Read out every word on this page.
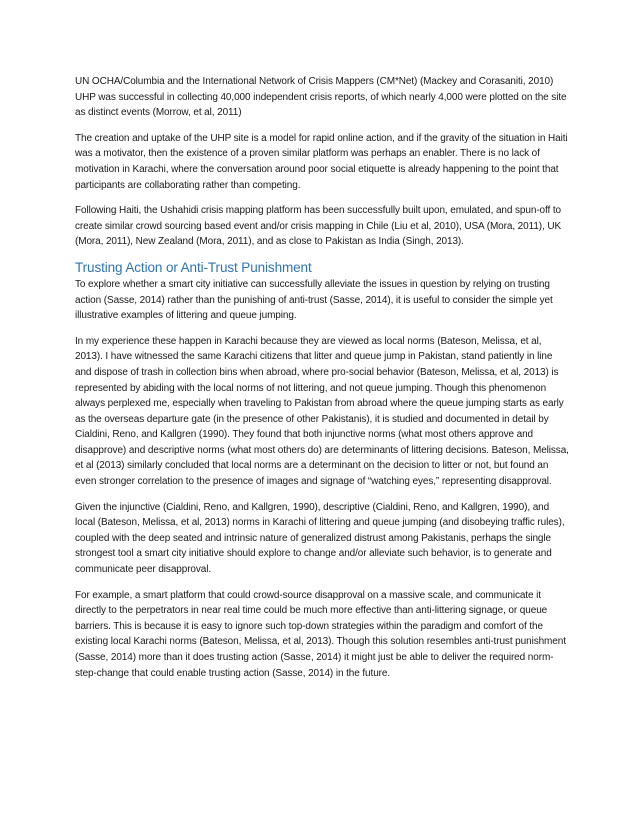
UN OCHA/Columbia and the International Network of Crisis Mappers (CM*Net) (Mackey and Corasaniti, 2010) UHP was successful in collecting 40,000 independent crisis reports, of which nearly 4,000 were plotted on the site as distinct events (Morrow, et al, 2011)

The creation and uptake of the UHP site is a model for rapid online action, and if the gravity of the situation in Haiti was a motivator, then the existence of a proven similar platform was perhaps an enabler. There is no lack of motivation in Karachi, where the conversation around poor social etiquette is already happening to the point that participants are collaborating rather than competing.

Following Haiti, the Ushahidi crisis mapping platform has been successfully built upon, emulated, and spun-off to create similar crowd sourcing based event and/or crisis mapping in Chile (Liu et al, 2010), USA (Mora, 2011), UK (Mora, 2011), New Zealand (Mora, 2011), and as close to Pakistan as India (Singh, 2013).

Trusting Action or Anti-Trust Punishment

To explore whether a smart city initiative can successfully alleviate the issues in question by relying on trusting action (Sasse, 2014) rather than the punishing of anti-trust (Sasse, 2014), it is useful to consider the simple yet illustrative examples of littering and queue jumping.

In my experience these happen in Karachi because they are viewed as local norms (Bateson, Melissa, et al, 2013). I have witnessed the same Karachi citizens that litter and queue jump in Pakistan, stand patiently in line and dispose of trash in collection bins when abroad, where pro-social behavior (Bateson, Melissa, et al, 2013) is represented by abiding with the local norms of not littering, and not queue jumping. Though this phenomenon always perplexed me, especially when traveling to Pakistan from abroad where the queue jumping starts as early as the overseas departure gate (in the presence of other Pakistanis), it is studied and documented in detail by Cialdini, Reno, and Kallgren (1990). They found that both injunctive norms (what most others approve and disapprove) and descriptive norms (what most others do) are determinants of littering decisions. Bateson, Melissa, et al (2013) similarly concluded that local norms are a determinant on the decision to litter or not, but found an even stronger correlation to the presence of images and signage of “watching eyes,” representing disapproval.

Given the injunctive (Cialdini, Reno, and Kallgren, 1990), descriptive (Cialdini, Reno, and Kallgren, 1990), and local (Bateson, Melissa, et al, 2013) norms in Karachi of littering and queue jumping (and disobeying traffic rules), coupled with the deep seated and intrinsic nature of generalized distrust among Pakistanis, perhaps the single strongest tool a smart city initiative should explore to change and/or alleviate such behavior, is to generate and communicate peer disapproval.

For example, a smart platform that could crowd-source disapproval on a massive scale, and communicate it directly to the perpetrators in near real time could be much more effective than anti-littering signage, or queue barriers. This is because it is easy to ignore such top-down strategies within the paradigm and comfort of the existing local Karachi norms (Bateson, Melissa, et al, 2013). Though this solution resembles anti-trust punishment (Sasse, 2014) more than it does trusting action (Sasse, 2014) it might just be able to deliver the required norm-step-change that could enable trusting action (Sasse, 2014) in the future.
